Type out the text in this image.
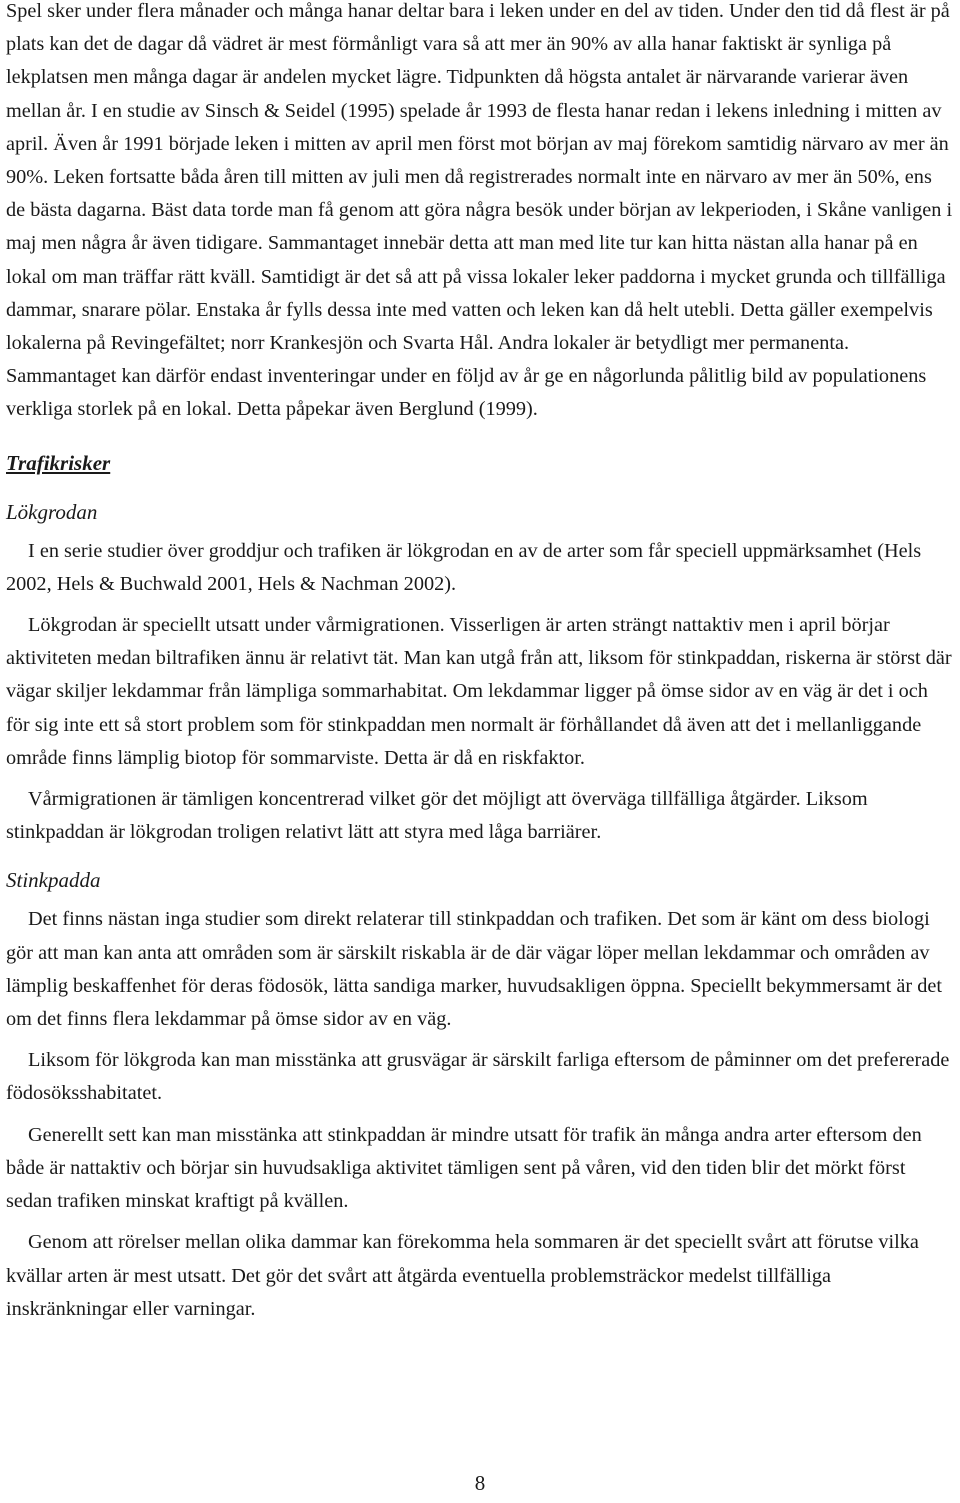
Spel sker under flera månader och många hanar deltar bara i leken under en del av tiden. Under den tid då flest är på plats kan det de dagar då vädret är mest förmånligt vara så att mer än 90% av alla hanar faktiskt är synliga på lekplatsen men många dagar är andelen mycket lägre. Tidpunkten då högsta antalet är närvarande varierar även mellan år. I en studie av Sinsch & Seidel (1995) spelade år 1993 de flesta hanar redan i lekens inledning i mitten av april. Även år 1991 började leken i mitten av april men först mot början av maj förekom samtidig närvaro av mer än 90%. Leken fortsatte båda åren till mitten av juli men då registrerades normalt inte en närvaro av mer än 50%, ens de bästa dagarna. Bäst data torde man få genom att göra några besök under början av lekperioden, i Skåne vanligen i maj men några år även tidigare. Sammantaget innebär detta att man med lite tur kan hitta nästan alla hanar på en lokal om man träffar rätt kväll. Samtidigt är det så att på vissa lokaler leker paddorna i mycket grunda och tillfälliga dammar, snarare pölar. Enstaka år fylls dessa inte med vatten och leken kan då helt utebli. Detta gäller exempelvis lokalerna på Revingefältet; norr Krankesjön och Svarta Hål. Andra lokaler är betydligt mer permanenta. Sammantaget kan därför endast inventeringar under en följd av år ge en någorlunda pålitlig bild av populationens verkliga storlek på en lokal. Detta påpekar även Berglund (1999).

Trafikrisker

Lökgrodan

I en serie studier över groddjur och trafiken är lökgrodan en av de arter som får speciell uppmärksamhet (Hels 2002, Hels & Buchwald 2001, Hels & Nachman 2002).

Lökgrodan är speciellt utsatt under vårmigrationen. Visserligen är arten strängt nattaktiv men i april börjar aktiviteten medan biltrafiken ännu är relativt tät. Man kan utgå från att, liksom för stinkpaddan, riskerna är störst där vägar skiljer lekdammar från lämpliga sommarhabitat. Om lekdammar ligger på ömse sidor av en väg är det i och för sig inte ett så stort problem som för stinkpaddan men normalt är förhållandet då även att det i mellanliggande område finns lämplig biotop för sommarviste. Detta är då en riskfaktor.

Vårmigrationen är tämligen koncentrerad vilket gör det möjligt att överväga tillfälliga åtgärder. Liksom stinkpaddan är lökgrodan troligen relativt lätt att styra med låga barriärer.

Stinkpadda

Det finns nästan inga studier som direkt relaterar till stinkpaddan och trafiken. Det som är känt om dess biologi gör att man kan anta att områden som är särskilt riskabla är de där vägar löper mellan lekdammar och områden av lämplig beskaffenhet för deras födosök, lätta sandiga marker, huvudsakligen öppna. Speciellt bekymmersamt är det om det finns flera lekdammar på ömse sidor av en väg.

Liksom för lökgroda kan man misstänka att grusvägar är särskilt farliga eftersom de påminner om det prefererade födosöksshabitatet.

Generellt sett kan man misstänka att stinkpaddan är mindre utsatt för trafik än många andra arter eftersom den både är nattaktiv och börjar sin huvudsakliga aktivitet tämligen sent på våren, vid den tiden blir det mörkt först sedan trafiken minskat kraftigt på kvällen.

Genom att rörelser mellan olika dammar kan förekomma hela sommaren är det speciellt svårt att förutse vilka kvällar arten är mest utsatt. Det gör det svårt att åtgärda eventuella problemsträckor medelst tillfälliga inskränkningar eller varningar.

8
